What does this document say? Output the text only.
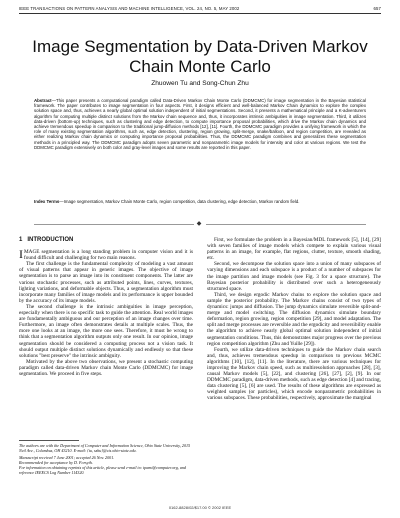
IEEE TRANSACTIONS ON PATTERN ANALYSIS AND MACHINE INTELLIGENCE, VOL. 24, NO. 5, MAY 2002	657
Image Segmentation by Data-Driven Markov Chain Monte Carlo
Zhuowen Tu and Song-Chun Zhu
Abstract—This paper presents a computational paradigm called Data-Driven Markov Chain Monte Carlo (DDMCMC) for image segmentation in the Bayesian statistical framework. The paper contributes to image segmentation in four aspects. First, it designs efficient and well-balanced Markov Chain dynamics to explore the complex solution space and, thus, achieves a nearly global optimal solution independent of initial segmentations. Second, it presents a mathematical principle and a K-adventurers algorithm for computing multiple distinct solutions from the Markov chain sequence and, thus, it incorporates intrinsic ambiguities in image segmentation. Third, it utilizes data-driven (bottom-up) techniques, such as clustering and edge detection, to compute importance proposal probabilities, which drive the Markov chain dynamics and achieve tremendous speedup in comparison to the traditional jump-diffusion methods [12], [11]. Fourth, the DDMCMC paradigm provides a unifying framework in which the role of many existing segmentation algorithms, such as, edge detection, clustering, region growing, split-merge, snake/balloon, and region competition, are revealed as either realizing Markov chain dynamics or computing importance proposal probabilities. Thus, the DDMCMC paradigm combines and generalizes these segmentation methods in a principled way. The DDMCMC paradigm adopts seven parametric and nonparametric image models for intensity and color at various regions. We test the DDMCMC paradigm extensively on both color and gray-level images and some results are reported in this paper.
Index Terms—Image segmentation, Markov Chain Monte Carlo, region competition, data clustering, edge detection, Markov random field.
◆
1 INTRODUCTION

IMAGE segmentation is a long standing problem in computer vision and it is found difficult and challenging for two main reasons.

The first challenge is the fundamental complexity of modeling a vast amount of visual patterns that appear in generic images. The objective of image segmentation is to parse an image into its constituent components. The latter are various stochastic processes, such as attributed points, lines, curves, textures, lighting variations, and deformable objects. Thus, a segmentation algorithm must incorporate many families of image models and its performance is upper bounded by the accuracy of its image models.

The second challenge is the intrinsic ambiguities in image perception, especially when there is no specific task to guide the attention. Real world images are fundamentally ambiguous and our perception of an image changes over time. Furthermore, an image often demonstrates details at multiple scales. Thus, the more one looks at an image, the more one sees. Therefore, it must be wrong to think that a segmentation algorithm outputs only one result. In our opinion, image segmentation should be considered a computing process not a vision task. It should output multiple distinct solutions dynamically and endlessly so that these solutions "best preserve" the intrinsic ambiguity.

Motivated by the above two observations, we present a stochastic computing paradigm called data-driven Markov chain Monte Carlo (DDMCMC) for image segmentation. We proceed in five steps.

The authors are with the Department of Computer and Information Science, Ohio State University, 2015 Neil Ave., Columbus, OH 43210. E-mail: {tu, szhu}@cis.ohio-state.edu.
Manuscript received 7 June 2001; accepted 26 Nov. 2001.
Recommended for acceptance by D. Forsyth.
For information on obtaining reprints of this article, please send e-mail to: tpami@computer.org, and reference IEEECS Log Number 114320.

First, we formulate the problem in a Bayesian/MDL framework [5], [14], [29] with seven families of image models which compete to explain various visual patterns in an image, for example, flat regions, clutter, texture, smooth shading, etc.

Second, we decompose the solution space into a union of many subspaces of varying dimensions and each subspace is a product of a number of subspaces for the image partition and image models (see Fig. 3 for a space structure). The Bayesian posterior probability is distributed over such a heterogeneously structured space.

Third, we design ergodic Markov chains to explore the solution space and sample the posterior probability. The Markov chains consist of two types of dynamics: jumps and diffusion. The jump dynamics simulate reversible split-and-merge and model switching. The diffusion dynamics simulate boundary deformation, region growing, region competition [29], and model adaptation. The split and merge processes are reversible and the ergodicity and reversibility enable the algorithm to achieve nearly global optimal solution independent of initial segmentation conditions. Thus, this demonstrates major progress over the previous region competition algorithm (Zhu and Yuille [29]).

Fourth, we utilize data-driven techniques to guide the Markov chain search and, thus, achieves tremendous speedup in comparison to previous MCMC algorithms [10], [12], [11]. In the literature, there are various techniques for improving the Markov chain speed, such as multiresolution approaches [28], [3], causal Markov models [5], [22], and clustering [26], [27], [2], [9]. In our DDMCMC paradigm, data-driven methods, such as edge detection [4] and tracing, data clustering [5], [6] are used. The results of these algorithms are expressed as weighted samples (or particles), which encode nonparametric probabilities in various subspaces. These probabilities, respectively, approximate the marginal

0162-8828/02/$17.00 © 2002 IEEE
